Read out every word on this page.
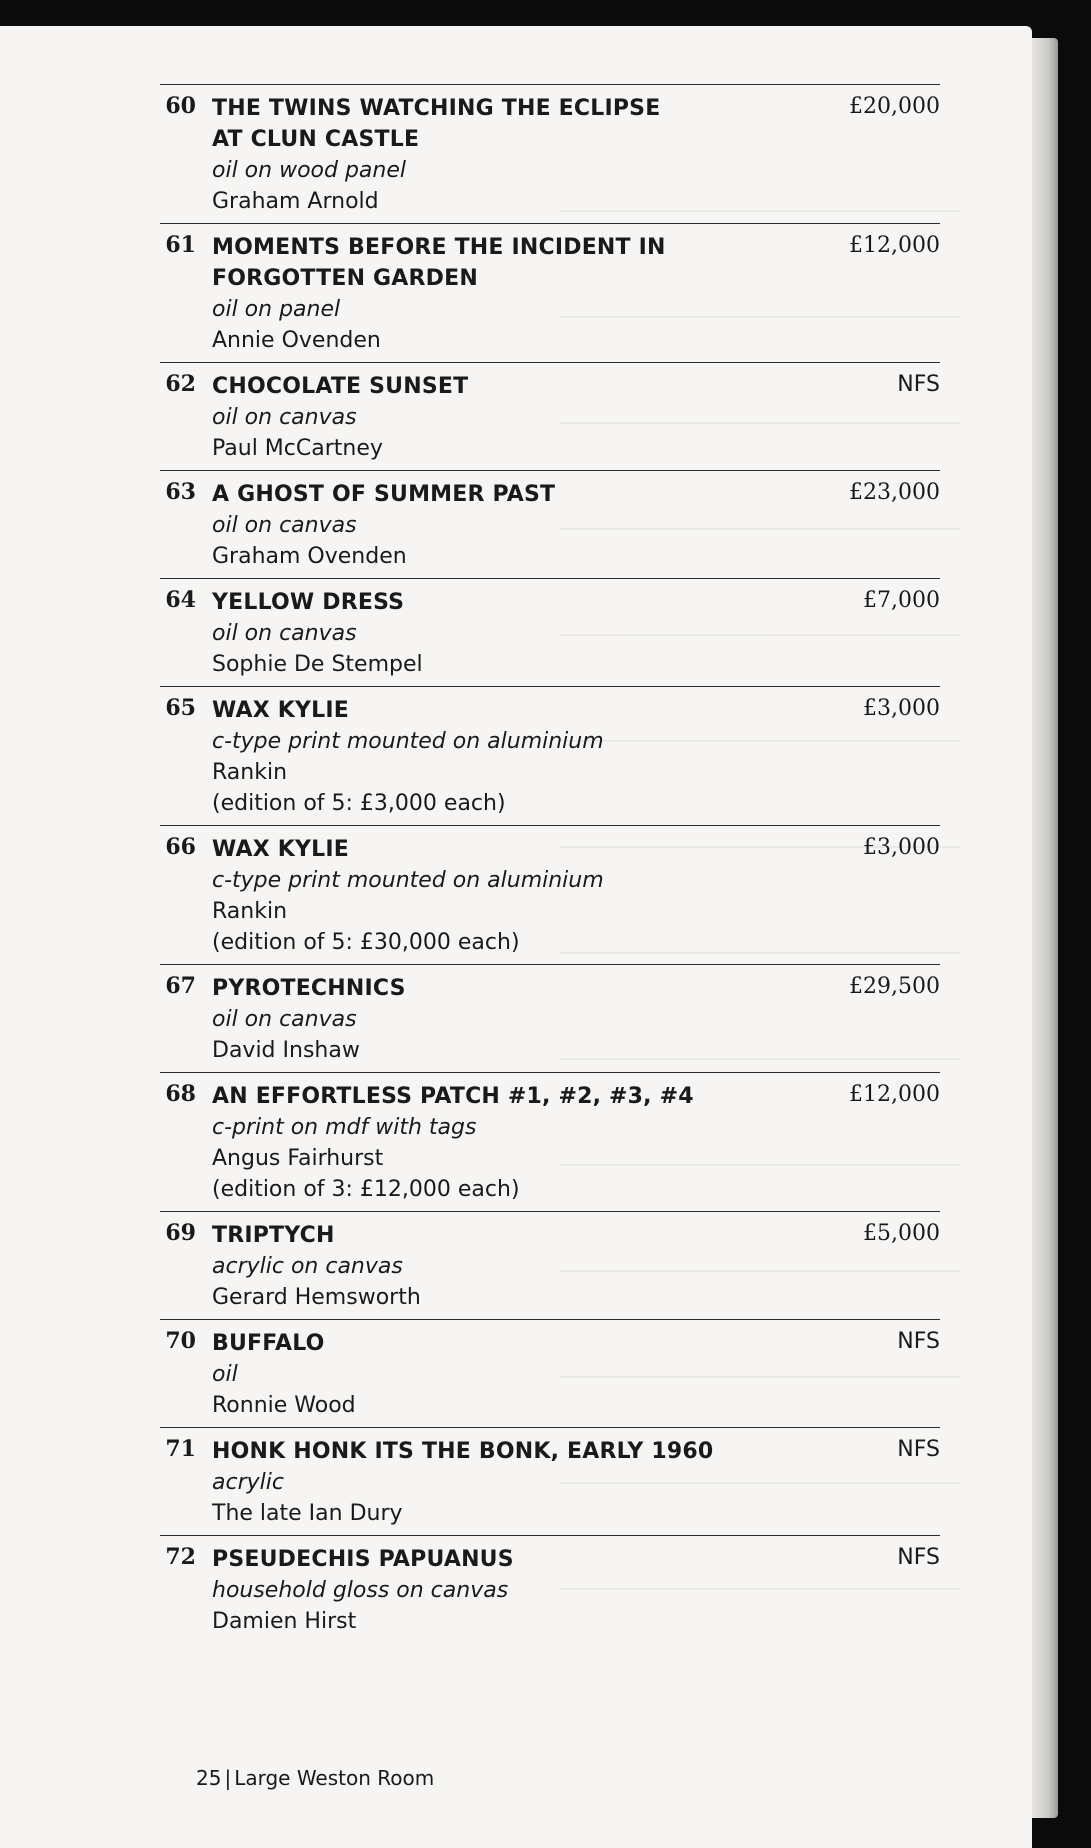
60 THE TWINS WATCHING THE ECLIPSE
AT CLUN CASTLE
oil on wood panel
Graham Arnold
£20,000
61 MOMENTS BEFORE THE INCIDENT IN
FORGOTTEN GARDEN
oil on panel
Annie Ovenden
£12,000
62 CHOCOLATE SUNSET
oil on canvas
Paul McCartney
NFS
63 A GHOST OF SUMMER PAST
oil on canvas
Graham Ovenden
£23,000
64 YELLOW DRESS
oil on canvas
Sophie De Stempel
£7,000
65 WAX KYLIE
c-type print mounted on aluminium
Rankin
(edition of 5: £3,000 each)
£3,000
66 WAX KYLIE
c-type print mounted on aluminium
Rankin
(edition of 5: £30,000 each)
£3,000
67 PYROTECHNICS
oil on canvas
David Inshaw
£29,500
68 AN EFFORTLESS PATCH #1, #2, #3, #4
c-print on mdf with tags
Angus Fairhurst
(edition of 3: £12,000 each)
£12,000
69 TRIPTYCH
acrylic on canvas
Gerard Hemsworth
£5,000
70 BUFFALO
oil
Ronnie Wood
NFS
71 HONK HONK ITS THE BONK, EARLY 1960
acrylic
The late Ian Dury
NFS
72 PSEUDECHIS PAPUANUS
household gloss on canvas
Damien Hirst
NFS
25 | Large Weston Room
